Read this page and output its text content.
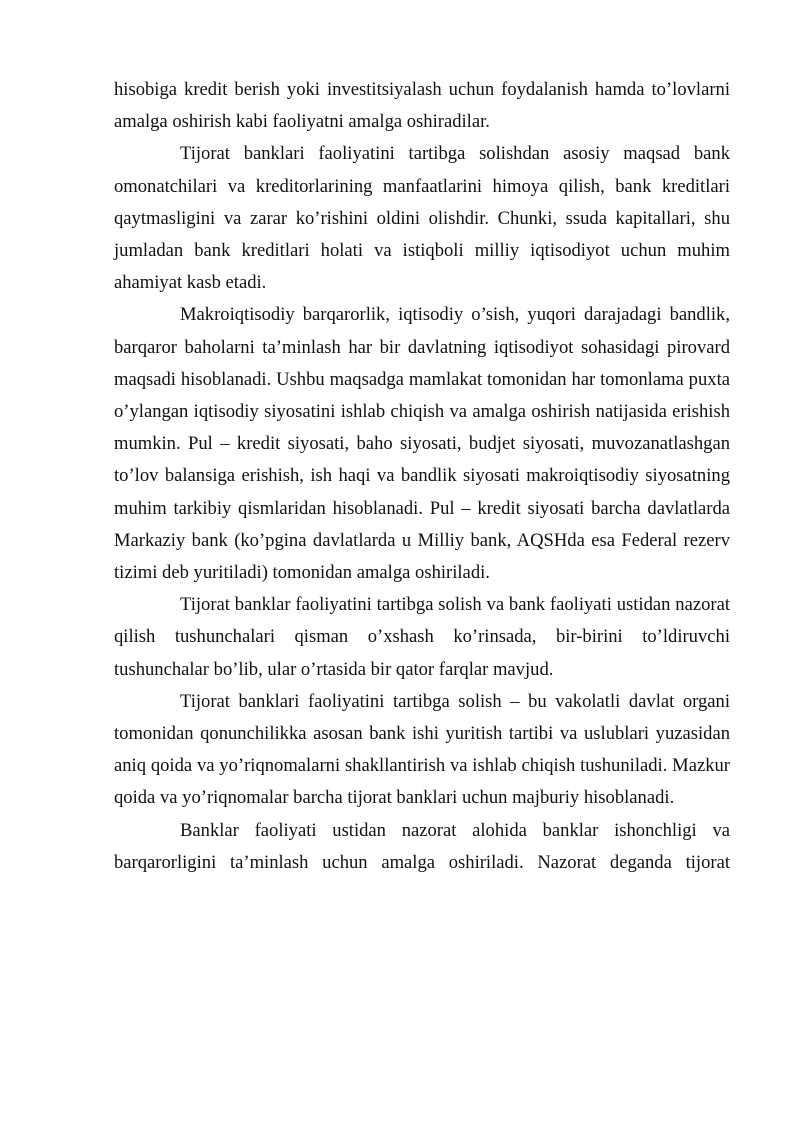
hisobiga kredit berish yoki investitsiyalash uchun foydalanish hamda to’lovlarni amalga oshirish kabi faoliyatni amalga oshiradilar.

Tijorat banklari faoliyatini tartibga solishdan asosiy maqsad bank omonatchilari va kreditorlarining manfaatlarini himoya qilish, bank kreditlari qaytmasligini va zarar ko’rishini oldini olishdir. Chunki, ssuda kapitallari, shu jumladan bank kreditlari holati va istiqboli milliy iqtisodiyot uchun muhim ahamiyat kasb etadi.

Makroiqtisodiy barqarorlik, iqtisodiy o’sish, yuqori darajadagi bandlik, barqaror baholarni ta’minlash har bir davlatning iqtisodiyot sohasidagi pirovard maqsadi hisoblanadi. Ushbu maqsadga mamlakat tomonidan har tomonlama puxta o’ylangan iqtisodiy siyosatini ishlab chiqish va amalga oshirish natijasida erishish mumkin. Pul – kredit siyosati, baho siyosati, budjet siyosati, muvozanatlashgan to’lov balansiga erishish, ish haqi va bandlik siyosati makroiqtisodiy siyosatning muhim tarkibiy qismlaridan hisoblanadi. Pul – kredit siyosati barcha davlatlarda Markaziy bank (ko’pgina davlatlarda u Milliy bank, AQSHda esa Federal rezerv tizimi deb yuritiladi) tomonidan amalga oshiriladi.

Tijorat banklar faoliyatini tartibga solish va bank faoliyati ustidan nazorat qilish tushunchalari qisman o’xshash ko’rinsada, bir-birini to’ldiruvchi tushunchalar bo’lib, ular o’rtasida bir qator farqlar mavjud.

Tijorat banklari faoliyatini tartibga solish – bu vakolatli davlat organi tomonidan qonunchilikka asosan bank ishi yuritish tartibi va uslublari yuzasidan aniq qoida va yo’riqnomalarni shakllantirish va ishlab chiqish tushuniladi. Mazkur qoida va yo’riqnomalar barcha tijorat banklari uchun majburiy hisoblanadi.

Banklar faoliyati ustidan nazorat alohida banklar ishonchligi va barqarorligini ta’minlash uchun amalga oshiriladi. Nazorat deganda tijorat
